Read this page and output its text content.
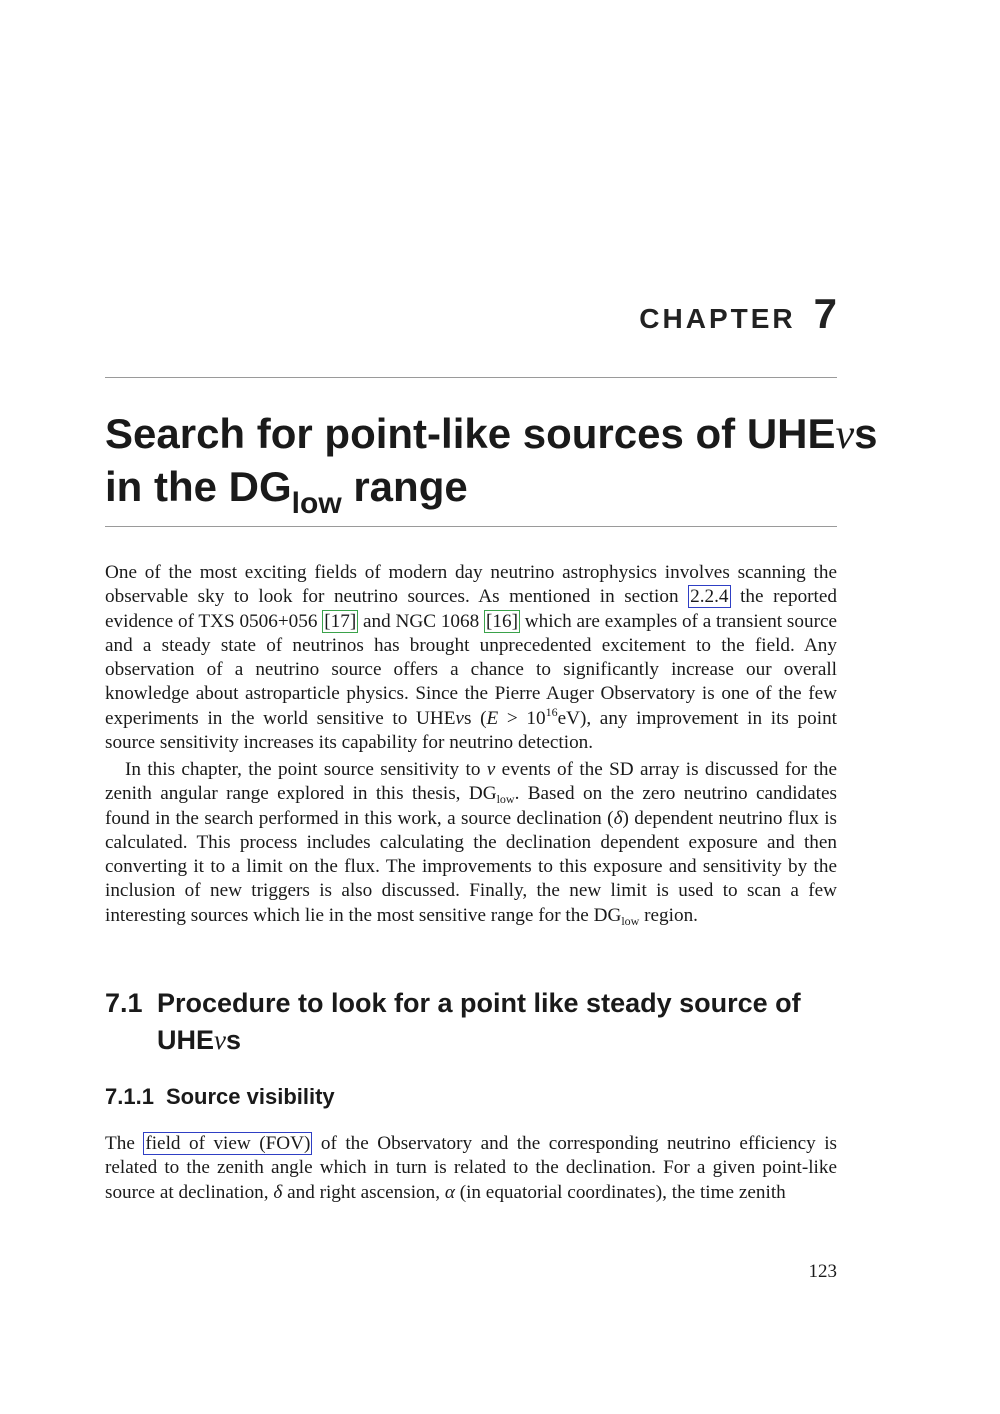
CHAPTER 7
Search for point-like sources of UHEνs
in the $DG_{low}$ range

One of the most exciting fields of modern day neutrino astrophysics involves scanning the observable sky to look for neutrino sources. As mentioned in section 2.2.4 the reported evidence of TXS 0506+056 [17] and NGC 1068 [16] which are examples of a transient source and a steady state of neutrinos has brought unprecedented excitement to the field. Any observation of a neutrino source offers a chance to significantly increase our overall knowledge about astroparticle physics. Since the Pierre Auger Observatory is one of the few experiments in the world sensitive to UHEνs $(E > 10^{16}eV)$, any improvement in its point source sensitivity increases its capability for neutrino detection.

In this chapter, the point source sensitivity to ν events of the SD array is discussed for the zenith angular range explored in this thesis, $DG_{low}$. Based on the zero neutrino candidates found in the search performed in this work, a source declination (δ) dependent neutrino flux is calculated. This process includes calculating the declination dependent exposure and then converting it to a limit on the flux. The improvements to this exposure and sensitivity by the inclusion of new triggers is also discussed. Finally, the new limit is used to scan a few interesting sources which lie in the most sensitive range for the $DG_{low}$ region.

7.1 Procedure to look for a point like steady source of UHEνs
7.1.1 Source visibility

The field of view (FOV) of the Observatory and the corresponding neutrino efficiency is related to the zenith angle which in turn is related to the declination. For a given point-like source at declination, δ and right ascension, α (in equatorial coordinates), the time zenith

123
